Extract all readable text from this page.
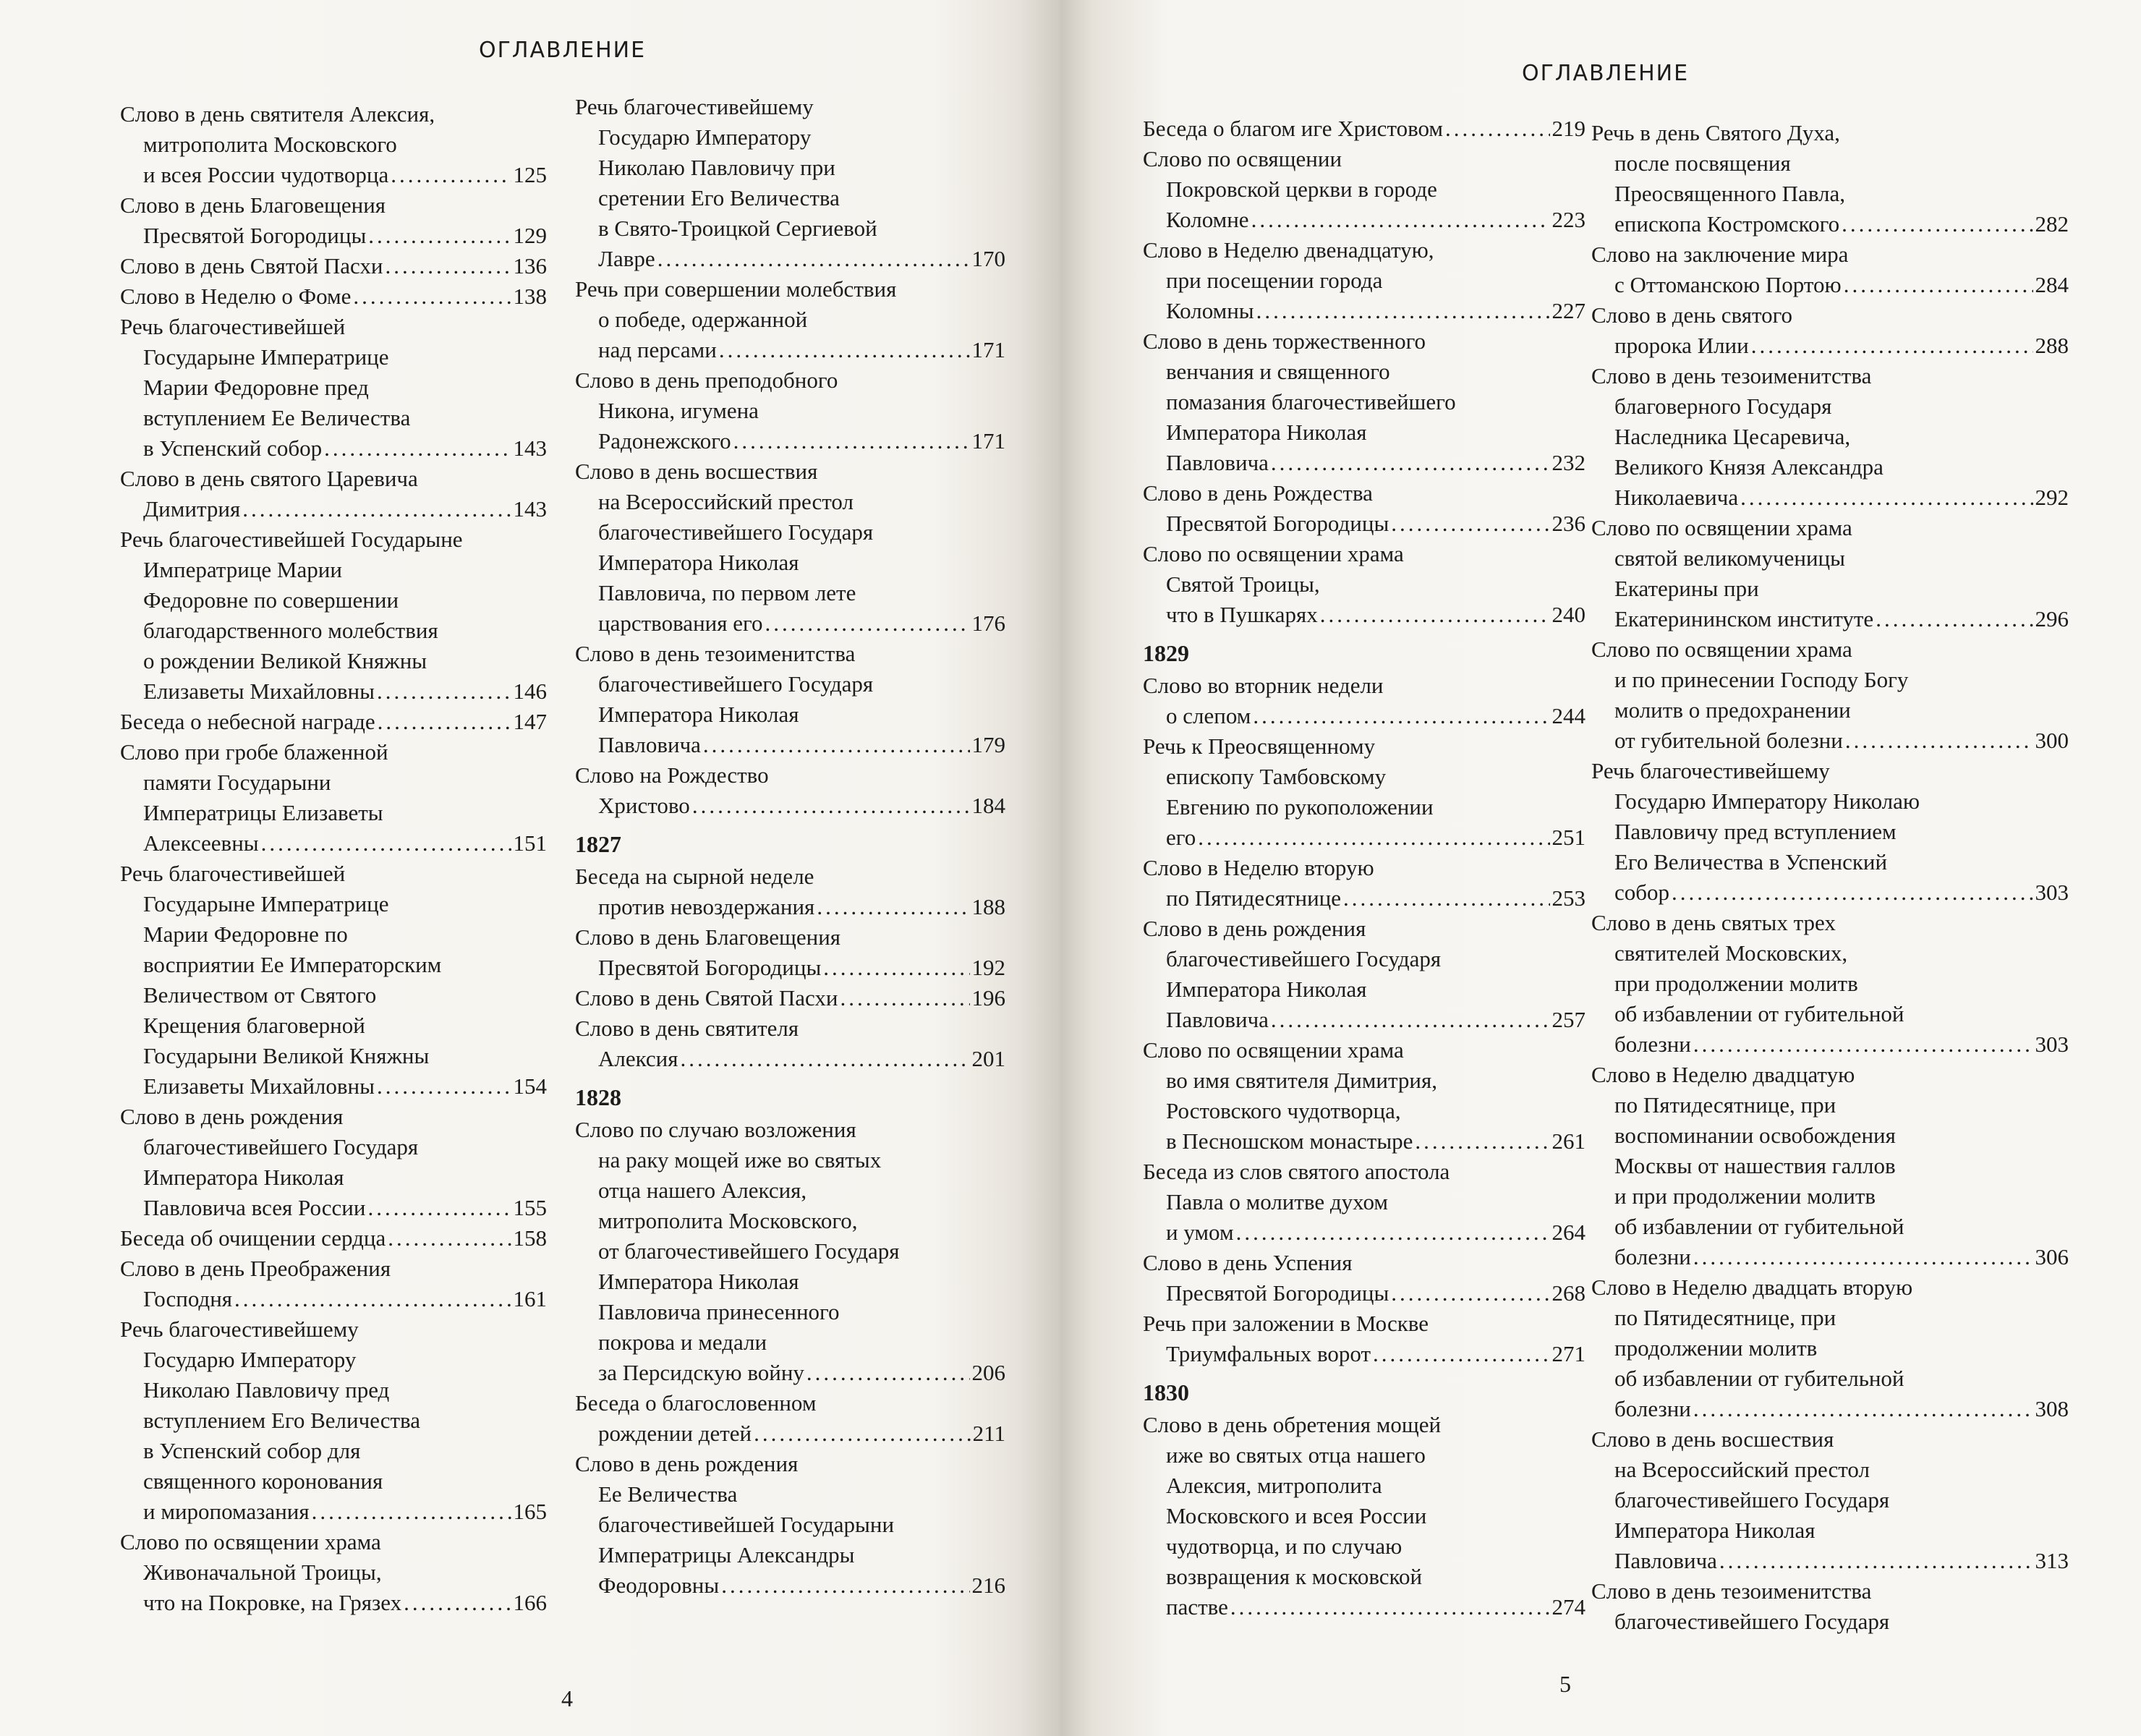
ОГЛАВЛЕНИЕ
Слово в день святителя Алексия,
митрополита Московского
и всея России чудотворца .....	125
Слово в день Благовещения
Пресвятой Богородицы .....	129
Слово в день Святой Пасхи .....	136
Слово в Неделю о Фоме .....	138
Речь благочестивейшей
Государыне Императрице
Марии Федоровне пред
вступлением Ее Величества
в Успенский собор .....	143
Слово в день святого Царевича
Димитрия .....	143
Речь благочестивейшей Государыне
Императрице Марии
Федоровне по совершении
благодарственного молебствия
о рождении Великой Княжны
Елизаветы Михайловны .....	146
Беседа о небесной награде .....	147
Слово при гробе блаженной
памяти Государыни
Императрицы Елизаветы
Алексеевны .....	151
Речь благочестивейшей
Государыне Императрице
Марии Федоровне по
восприятии Ее Императорским
Величеством от Святого
Крещения благоверной
Государыни Великой Княжны
Елизаветы Михайловны .....	154
Слово в день рождения
благочестивейшего Государя
Императора Николая
Павловича всея России .....	155
Беседа об очищении сердца .....	158
Слово в день Преображения
Господня .....	161
Речь благочестивейшему
Государю Императору
Николаю Павловичу пред
вступлением Его Величества
в Успенский собор для
священного коронования
и миропомазания .....	165
Слово по освящении храма
Живоначальной Троицы,
что на Покровке, на Грязех .....	166
Речь благочестивейшему
Государю Императору
Николаю Павловичу при
сретении Его Величества
в Свято-Троицкой Сергиевой
Лавре .....	170
Речь при совершении молебствия
о победе, одержанной
над персами .....	171
Слово в день преподобного
Никона, игумена
Радонежского .....	171
Слово в день восшествия
на Всероссийский престол
благочестивейшего Государя
Императора Николая
Павловича, по первом лете
царствования его .....	176
Слово в день тезоименитства
благочестивейшего Государя
Императора Николая
Павловича .....	179
Слово на Рождество
Христово .....	184
1827
Беседа на сырной неделе
против невоздержания .....	188
Слово в день Благовещения
Пресвятой Богородицы .....	192
Слово в день Святой Пасхи .....	196
Слово в день святителя
Алексия .....	201
1828
Слово по случаю возложения
на раку мощей иже во святых
отца нашего Алексия,
митрополита Московского,
от благочестивейшего Государя
Императора Николая
Павловича принесенного
покрова и медали
за Персидскую войну .....	206
Беседа о благословенном
рождении детей .....	211
Слово в день рождения
Ее Величества
благочестивейшей Государыни
Императрицы Александры
Феодоровны .....	216
4
ОГЛАВЛЕНИЕ
Беседа о благом иге Христовом .....	219
Слово по освящении
Покровской церкви в городе
Коломне .....	223
Слово в Неделю двенадцатую,
при посещении города
Коломны .....	227
Слово в день торжественного
венчания и священного
помазания благочестивейшего
Императора Николая
Павловича .....	232
Слово в день Рождества
Пресвятой Богородицы .....	236
Слово по освящении храма
Святой Троицы,
что в Пушкарях .....	240
1829
Слово во вторник недели
о слепом .....	244
Речь к Преосвященному
епископу Тамбовскому
Евгению по рукоположении
его .....	251
Слово в Неделю вторую
по Пятидесятнице .....	253
Слово в день рождения
благочестивейшего Государя
Императора Николая
Павловича .....	257
Слово по освящении храма
во имя святителя Димитрия,
Ростовского чудотворца,
в Песношском монастыре .....	261
Беседа из слов святого апостола
Павла о молитве духом
и умом .....	264
Слово в день Успения
Пресвятой Богородицы .....	268
Речь при заложении в Москве
Триумфальных ворот .....	271
1830
Слово в день обретения мощей
иже во святых отца нашего
Алексия, митрополита
Московского и всея России
чудотворца, и по случаю
возвращения к московской
пастве .....	274
Речь в день Святого Духа,
после посвящения
Преосвященного Павла,
епископа Костромского .....	282
Слово на заключение мира
с Оттоманскою Портою .....	284
Слово в день святого
пророка Илии .....	288
Слово в день тезоименитства
благоверного Государя
Наследника Цесаревича,
Великого Князя Александра
Николаевича .....	292
Слово по освящении храма
святой великомученицы
Екатерины при
Екатерининском институте .....	296
Слово по освящении храма
и по принесении Господу Богу
молитв о предохранении
от губительной болезни .....	300
Речь благочестивейшему
Государю Императору Николаю
Павловичу пред вступлением
Его Величества в Успенский
собор .....	303
Слово в день святых трех
святителей Московских,
при продолжении молитв
об избавлении от губительной
болезни .....	303
Слово в Неделю двадцатую
по Пятидесятнице, при
воспоминании освобождения
Москвы от нашествия галлов
и при продолжении молитв
об избавлении от губительной
болезни .....	306
Слово в Неделю двадцать вторую
по Пятидесятнице, при
продолжении молитв
об избавлении от губительной
болезни .....	308
Слово в день восшествия
на Всероссийский престол
благочестивейшего Государя
Императора Николая
Павловича .....	313
Слово в день тезоименитства
благочестивейшего Государя
5
